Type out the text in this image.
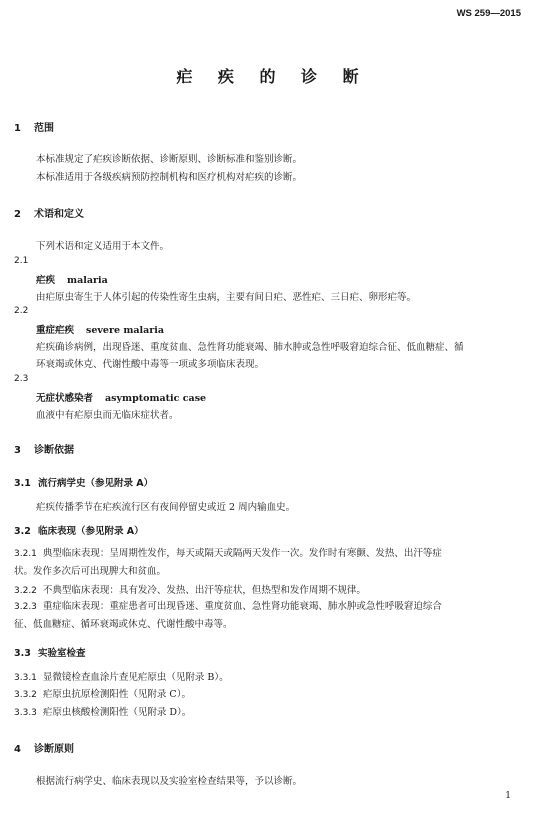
WS 259—2015
疟 疾 的 诊 断
1 范围
本标准规定了疟疾诊断依据、诊断原则、诊断标准和鉴别诊断。
本标准适用于各级疾病预防控制机构和医疗机构对疟疾的诊断。
2 术语和定义
下列术语和定义适用于本文件。
2.1
疟疾 malaria
由疟原虫寄生于人体引起的传染性寄生虫病，主要有间日疟、恶性疟、三日疟、卵形疟等。
2.2
重症疟疾 severe malaria
疟疾确诊病例，出现昏迷、重度贫血、急性肾功能衰竭、肺水肿或急性呼吸窘迫综合征、低血糖症、循
环衰竭或休克、代谢性酸中毒等一项或多项临床表现。
2.3
无症状感染者 asymptomatic case
血液中有疟原虫而无临床症状者。
3 诊断依据
3.1 流行病学史（参见附录 A）
疟疾传播季节在疟疾流行区有夜间停留史或近 2 周内输血史。
3.2 临床表现（参见附录 A）
3.2.1 典型临床表现：呈周期性发作，每天或隔天或隔两天发作一次。发作时有寒颤、发热、出汗等症
状。发作多次后可出现脾大和贫血。
3.2.2 不典型临床表现：具有发冷、发热、出汗等症状，但热型和发作周期不规律。
3.2.3 重症临床表现：重症患者可出现昏迷、重度贫血、急性肾功能衰竭、肺水肿或急性呼吸窘迫综合
征、低血糖症、循环衰竭或休克、代谢性酸中毒等。
3.3 实验室检查
3.3.1 显微镜检查血涂片查见疟原虫（见附录 B）。
3.3.2 疟原虫抗原检测阳性（见附录 C）。
3.3.3 疟原虫核酸检测阳性（见附录 D）。
4 诊断原则
根据流行病学史、临床表现以及实验室检查结果等，予以诊断。
1
